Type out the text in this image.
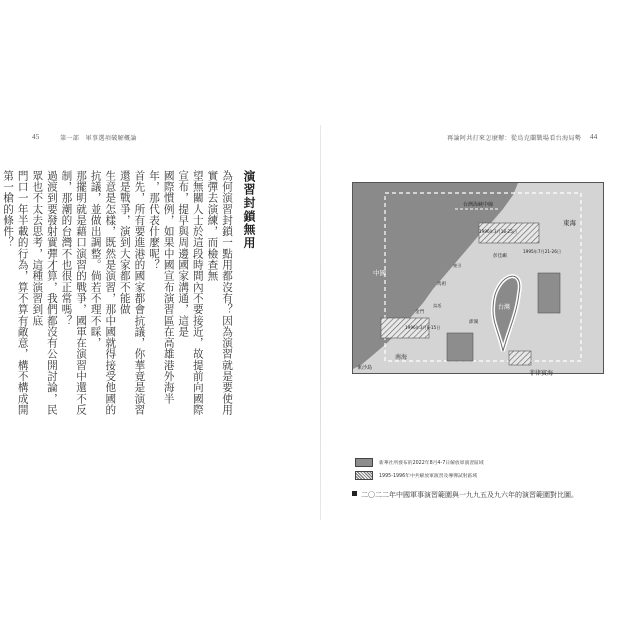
45	第一部　軍事選項破解概論
演習封鎖無用
為何演習封鎖一點用都沒有？因為演習就是要使用實彈去演練，而檢查無
望無關人士於這段時間內不要接近，故提前向國際宣布，提早與周邊國家溝通，這是
國際慣例，如果中國宣布演習區在高雄港外海半年，那代表什麼呢？
首先，所有要進港的國家都會抗議，你華竟是演習還是戰爭，演到大家都不能做
生意是怎樣，既然是演習，那中國就得接受他國的抗議，並做出調整。倘若不理不睬，
那擺明就是藉口演習的戰爭，國軍在演習中還不反制，那潮的台灣不也很正常嗎？
過渡到要發射實彈才算，我們都沒有公開討論，民眾也不太去思考，這種演習到底
門口一年半載的行為，算不算有敵意，構不構成開第一槍的條件？
再論阿共打來怎麼辦：從烏克蘭戰場看台海局勢 44
台灣海峽中線
中國
東海
台灣
南海
菲律賓海
東沙島
彭佳嶼
馬祖
金門
澎湖
烏坵
東引
1995年7月21-26日
1996年3月8-15日
1996年3月18-25日
新華社所發布的2022年8月4-7日解放軍演習區域
1995-1996年中共解放軍演習及導彈試射區域
二〇二二年中國軍事演習範圍與一九九五及九六年的演習範圍對比圖。
